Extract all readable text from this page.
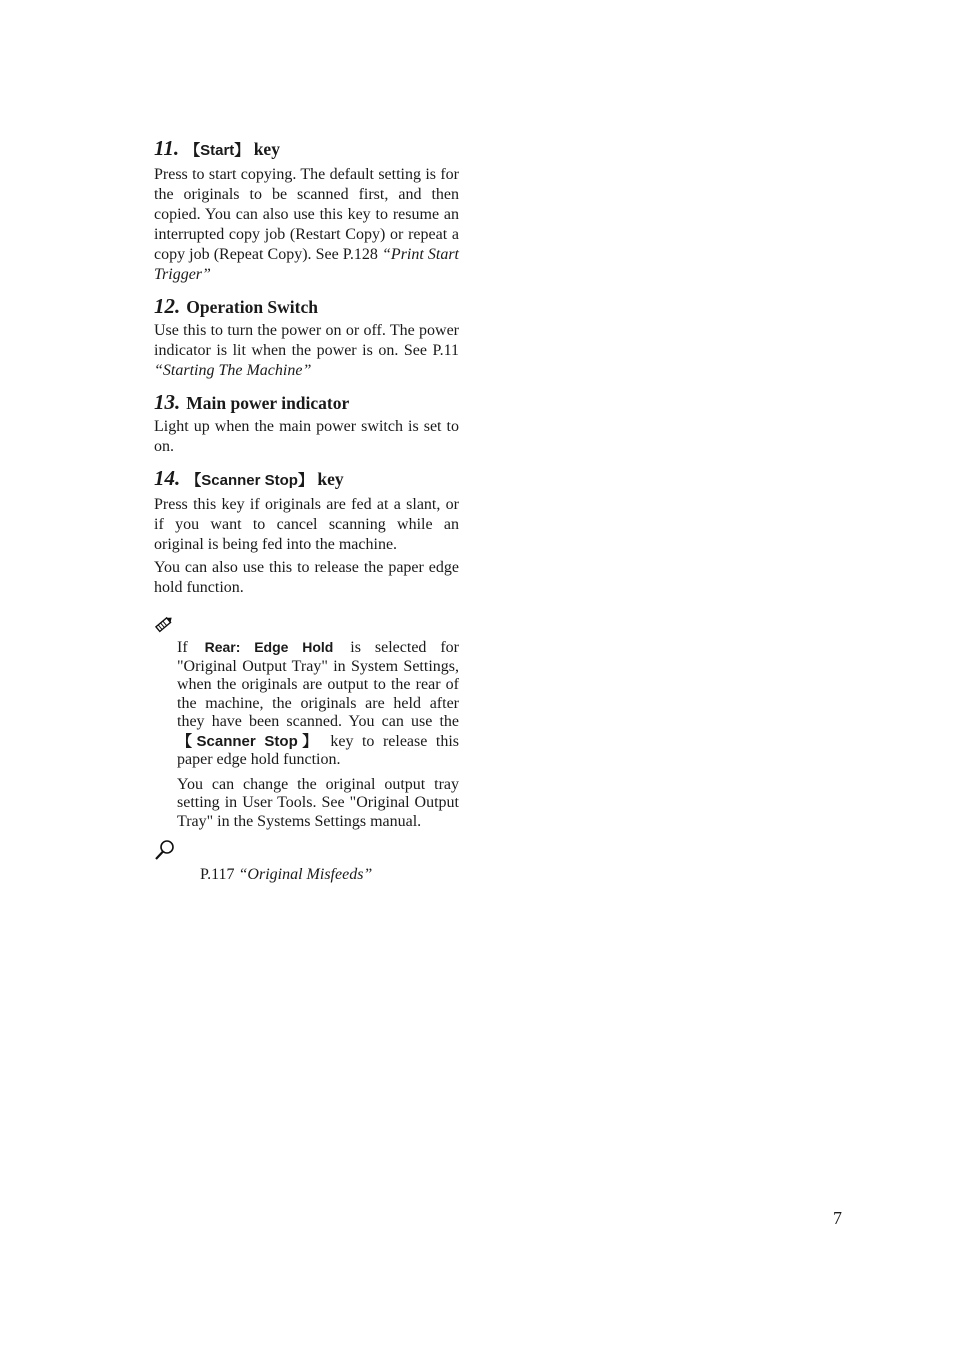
11. 【Start】 key

Press to start copying. The default setting is for the originals to be scanned first, and then copied. You can also use this key to resume an interrupted copy job (Restart Copy) or repeat a copy job (Repeat Copy). See P.128 “Print Start Trigger”

12. Operation Switch

Use this to turn the power on or off. The power indicator is lit when the power is on. See P.11 “Starting The Machine”

13. Main power indicator

Light up when the main power switch is set to on.

14. 【Scanner Stop】 key

Press this key if originals are fed at a slant, or if you want to cancel scanning while an original is being fed into the machine.

You can also use this to release the paper edge hold function.

If Rear: Edge Hold is selected for "Original Output Tray" in System Settings, when the originals are output to the rear of the machine, the originals are held after they have been scanned. You can use the 【Scanner Stop】 key to release this paper edge hold function.

You can change the original output tray setting in User Tools. See "Original Output Tray" in the Systems Settings manual.

P.117 “Original Misfeeds”

7
